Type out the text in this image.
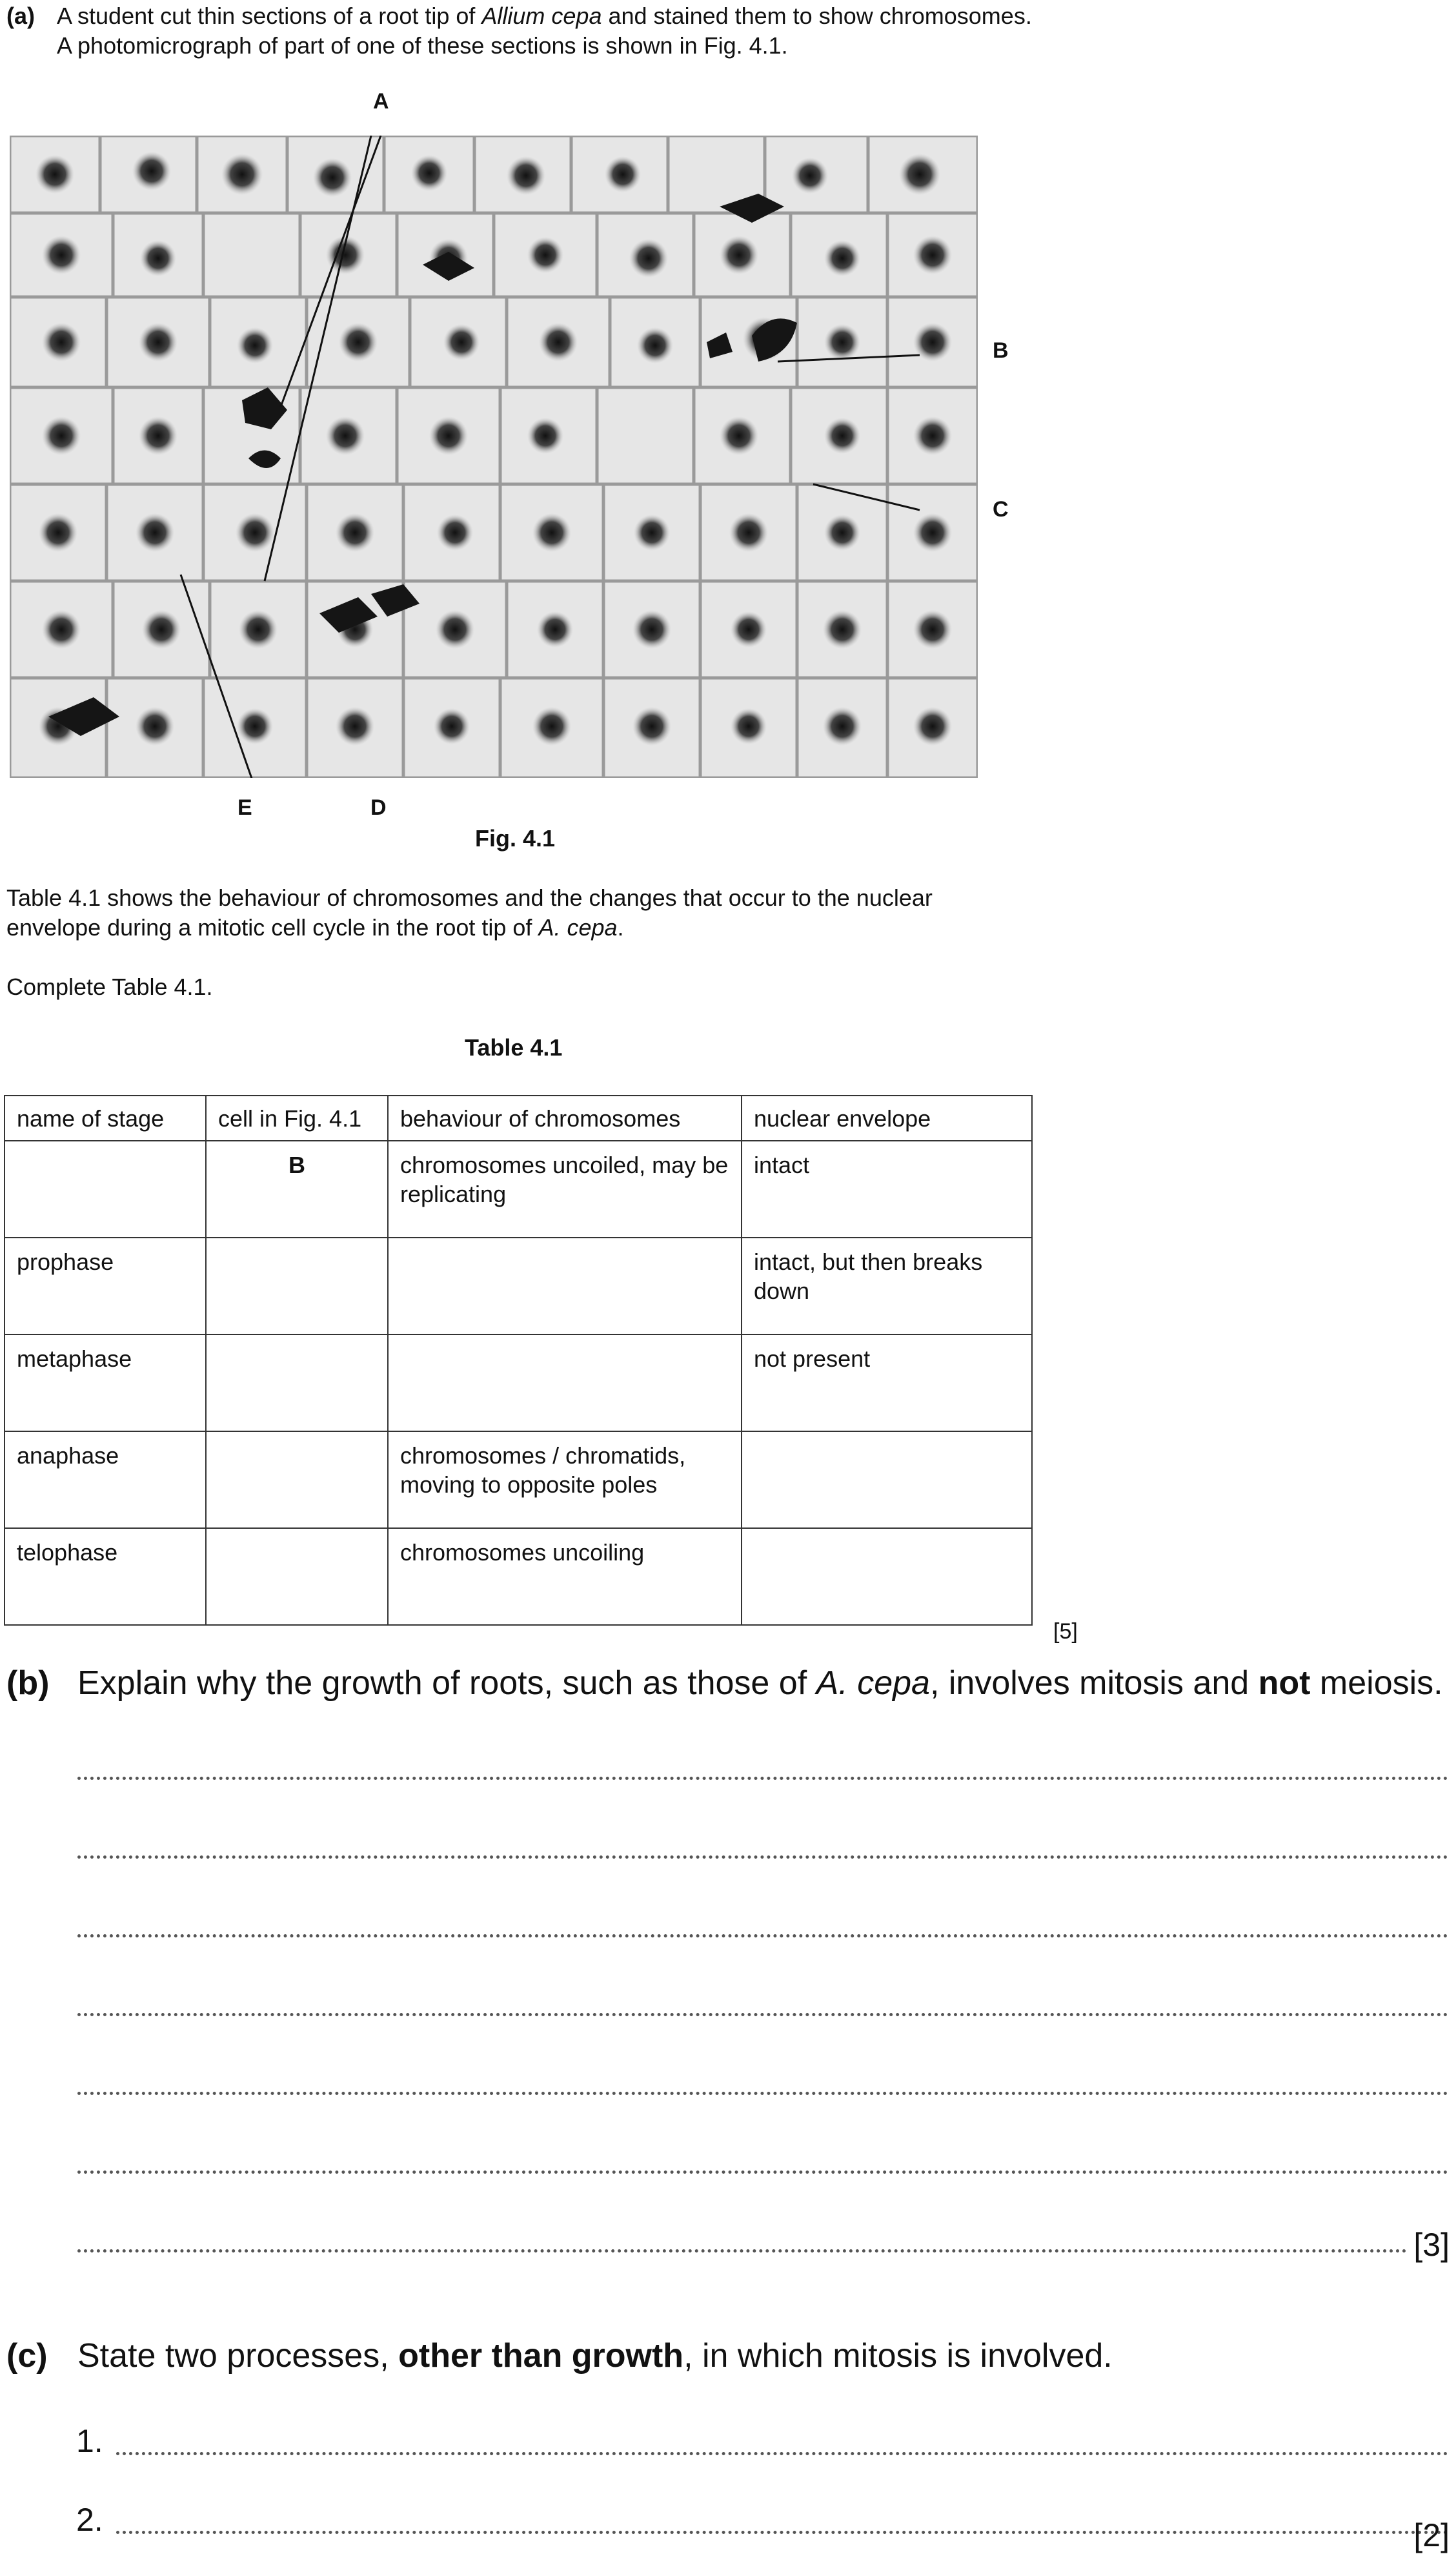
(a) A student cut thin sections of a root tip of Allium cepa and stained them to show chromosomes.
A photomicrograph of part of one of these sections is shown in Fig. 4.1.
A
B
C
D
E
Fig. 4.1
Table 4.1 shows the behaviour of chromosomes and the changes that occur to the nuclear
envelope during a mitotic cell cycle in the root tip of A. cepa.
Complete Table 4.1.
Table 4.1
name of stage	cell in Fig. 4.1	behaviour of chromosomes	nuclear envelope
	B	chromosomes uncoiled, may be replicating	intact
prophase			intact, but then breaks down
metaphase			not present
anaphase		chromosomes / chromatids, moving to opposite poles	
telophase		chromosomes uncoiling	
[5]
(b) Explain why the growth of roots, such as those of A. cepa, involves mitosis and not meiosis.
[3]
(c) State two processes, other than growth, in which mitosis is involved.
1.
2.	[2]
